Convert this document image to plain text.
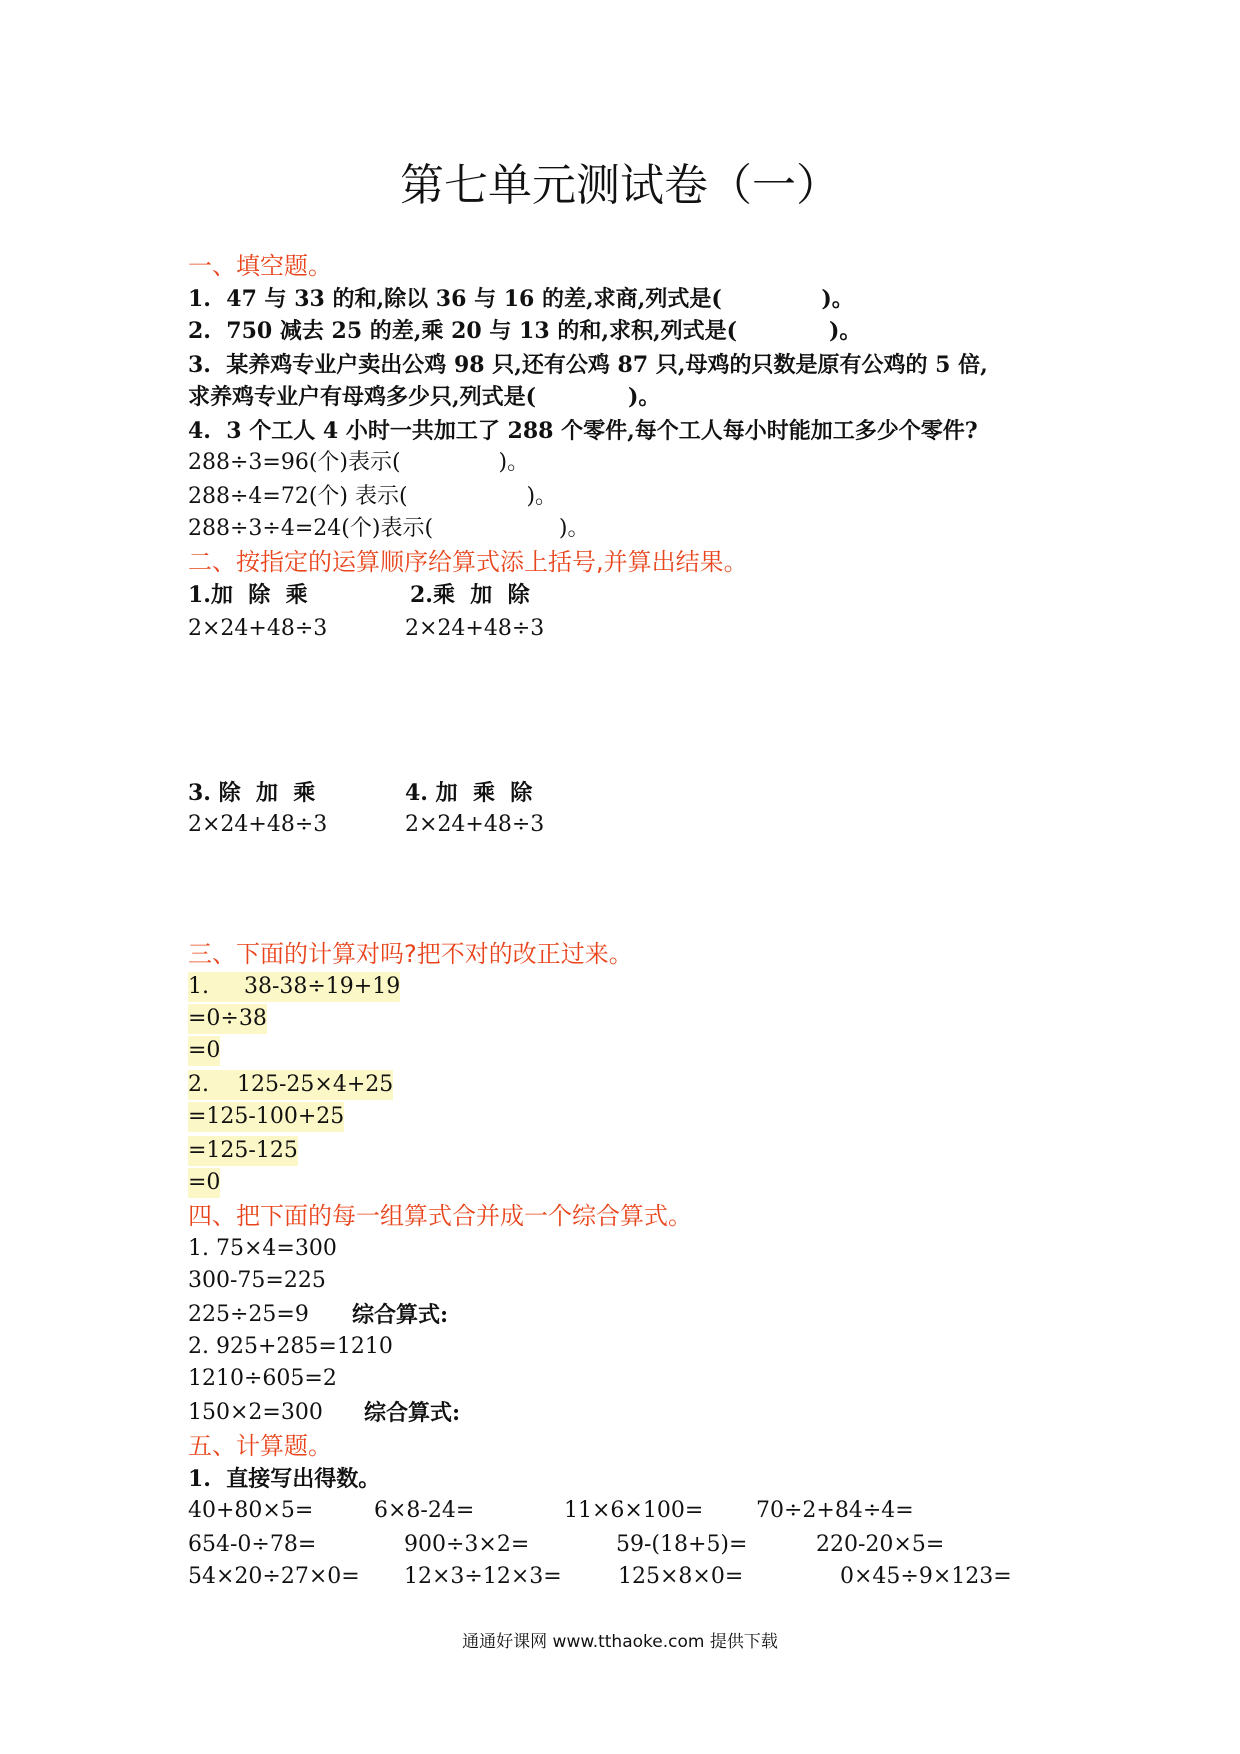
第七单元测试卷（一）
一、填空题。
1.  47 与 33 的和,除以 36 与 16 的差,求商,列式是(             )。
2.  750 减去 25 的差,乘 20 与 13 的和,求积,列式是(            )。
3.  某养鸡专业户卖出公鸡 98 只,还有公鸡 87 只,母鸡的只数是原有公鸡的 5 倍,
求养鸡专业户有母鸡多少只,列式是(            )。
4.  3 个工人 4 小时一共加工了 288 个零件,每个工人每小时能加工多少个零件?
288÷3=96(个)表示(              )。
288÷4=72(个) 表示(                 )。
288÷3÷4=24(个)表示(                  )。
二、按指定的运算顺序给算式添上括号,并算出结果。
1.加  除  乘	2.乘  加  除
2×24+48÷3	2×24+48÷3
3. 除  加  乘	4. 加  乘  除
2×24+48÷3	2×24+48÷3
三、下面的计算对吗?把不对的改正过来。
1.     38-38÷19+19
=0÷38
=0
2.    125-25×4+25
=125-100+25
=125-125
=0
四、把下面的每一组算式合并成一个综合算式。
1. 75×4=300
300-75=225
225÷25=9 综合算式:
2. 925+285=1210
1210÷605=2
150×2=300 综合算式:
五、计算题。
1.  直接写出得数。
40+80×5=	6×8-24=	11×6×100= 70÷2+84÷4=
654-0÷78=	900÷3×2=	59-(18+5)=	220-20×5=
54×20÷27×0= 12×3÷12×3=	125×8×0=	0×45÷9×123=
通通好课网 www.tthaoke.com 提供下载
